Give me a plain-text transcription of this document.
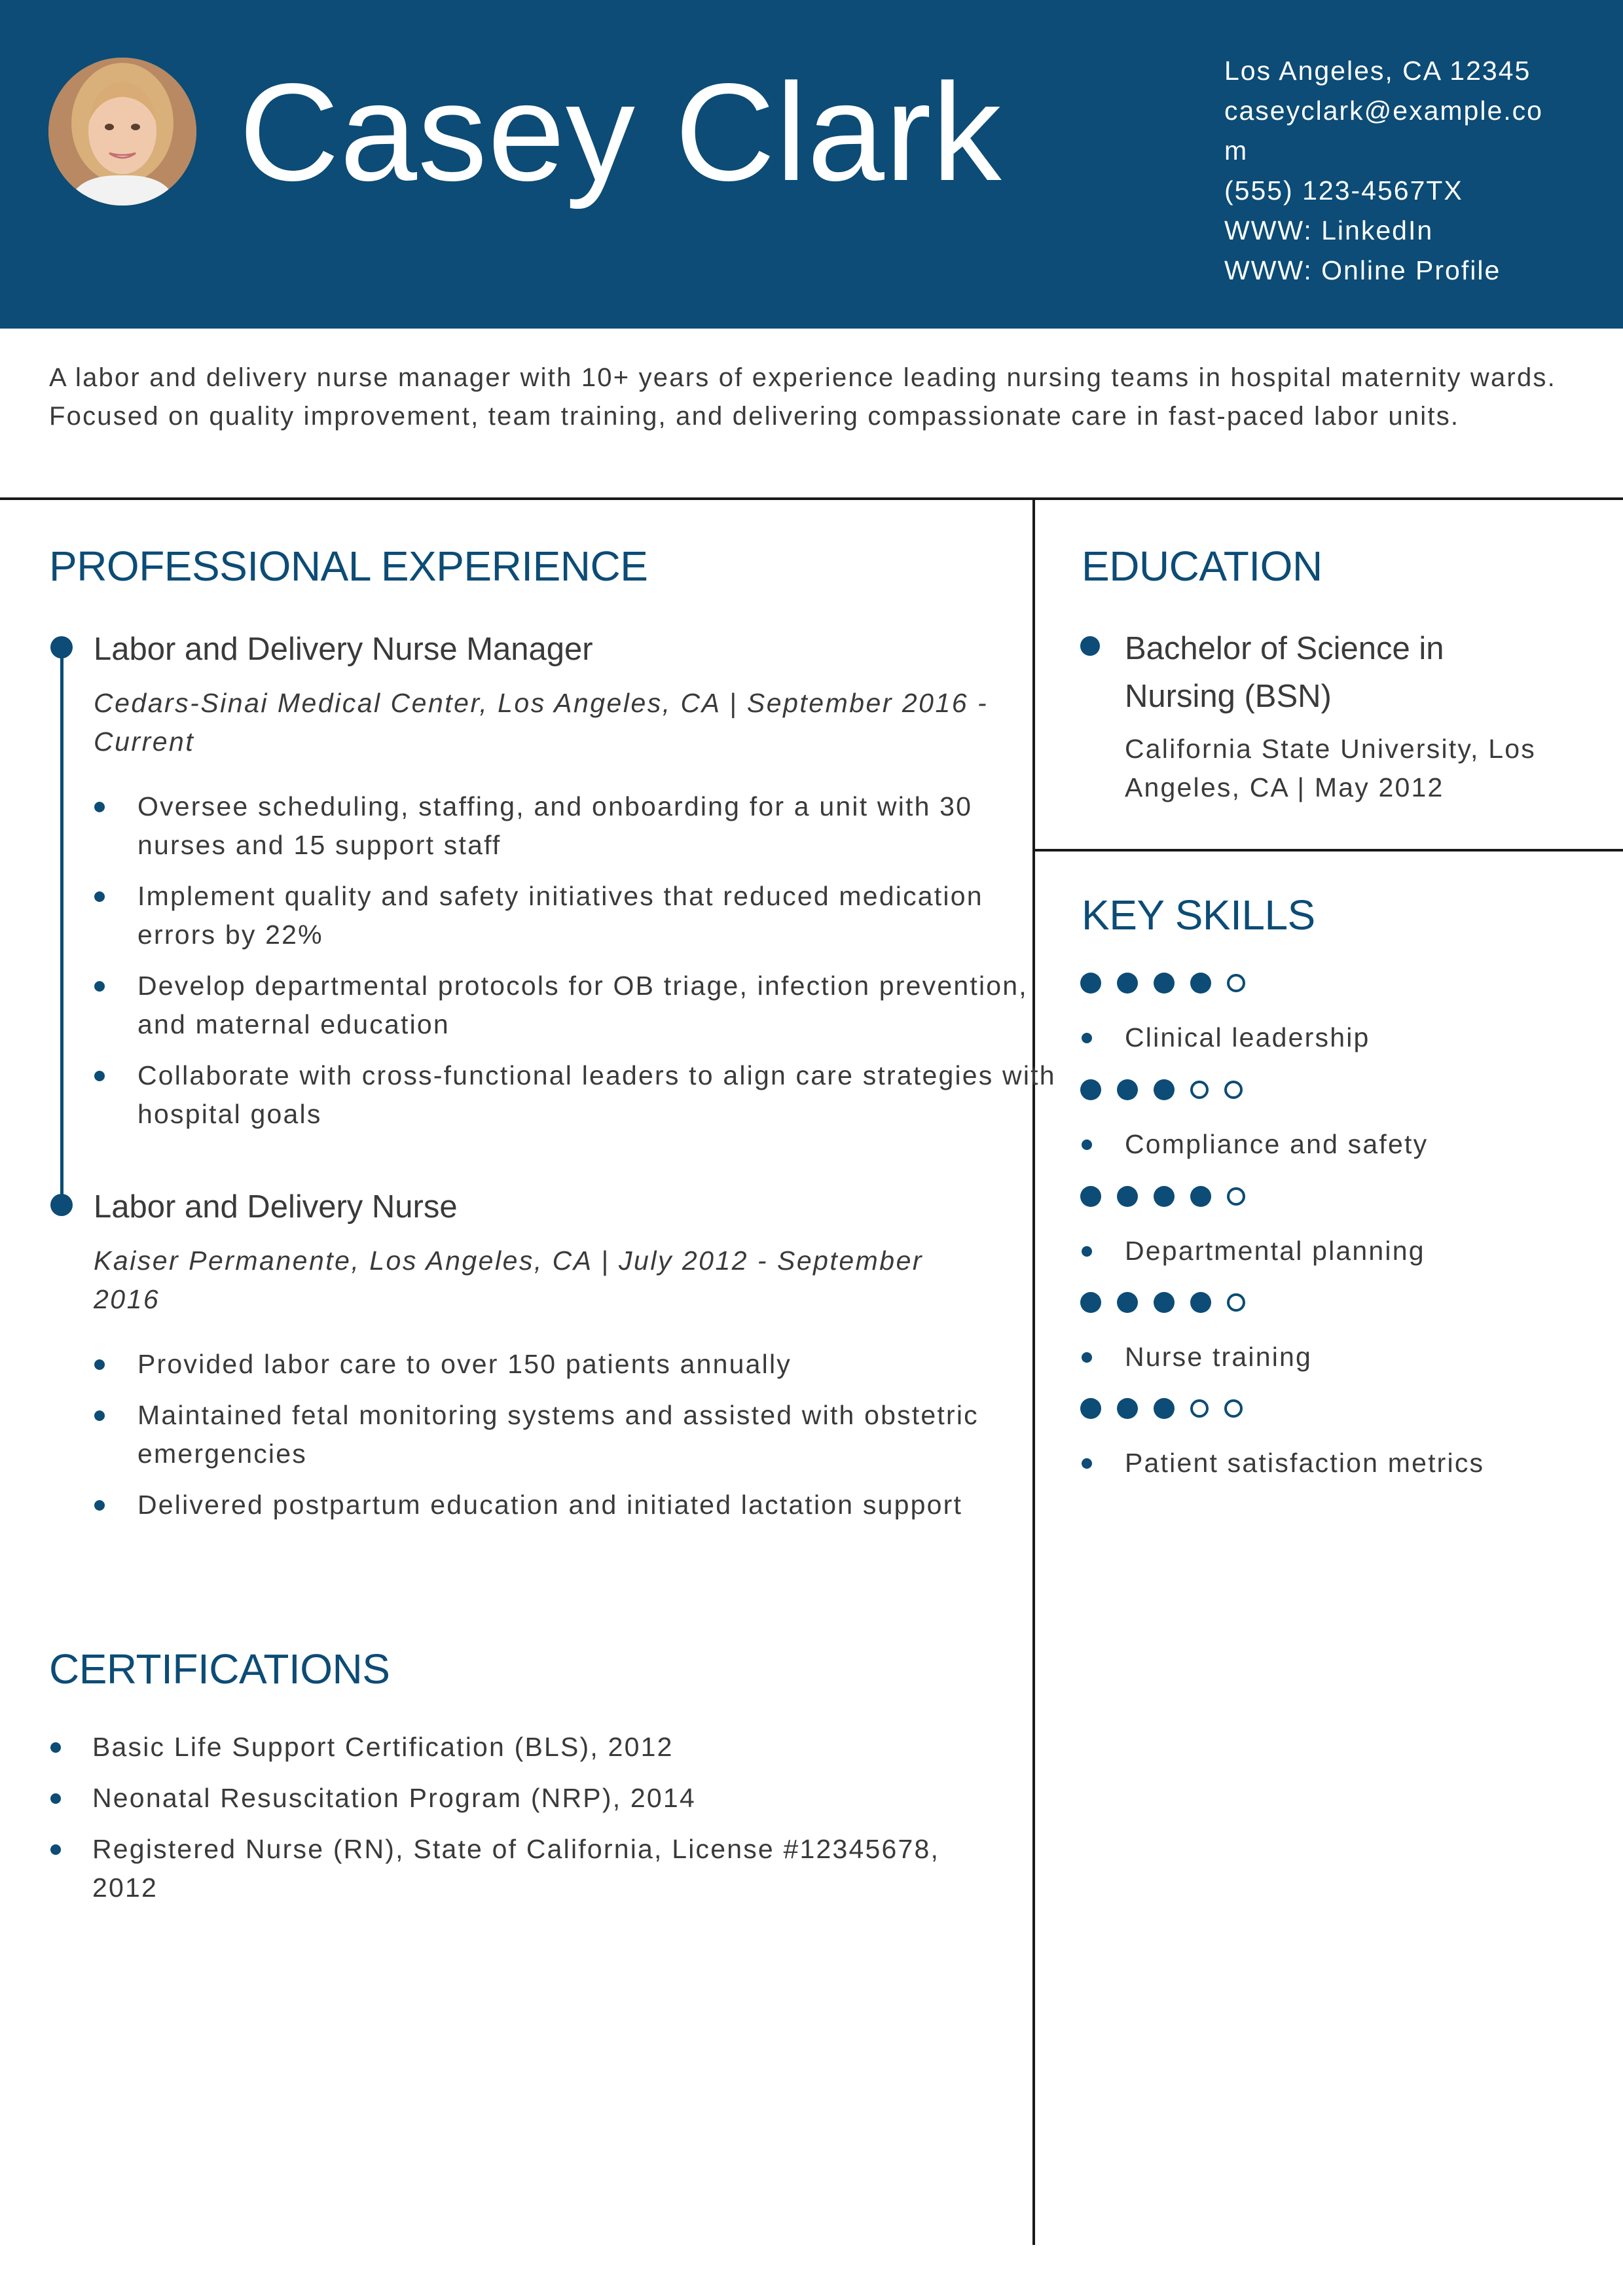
Casey Clark	Los Angeles, CA 12345
caseyclark@example.com
(555) 123-4567TX
WWW: LinkedIn
WWW: Online Profile
A labor and delivery nurse manager with 10+ years of experience leading nursing teams in hospital maternity wards. Focused on quality improvement, team training, and delivering compassionate care in fast-paced labor units.
PROFESSIONAL EXPERIENCE
Labor and Delivery Nurse Manager
Cedars-Sinai Medical Center, Los Angeles, CA | September 2016 - Current
Oversee scheduling, staffing, and onboarding for a unit with 30 nurses and 15 support staff
Implement quality and safety initiatives that reduced medication errors by 22%
Develop departmental protocols for OB triage, infection prevention, and maternal education
Collaborate with cross-functional leaders to align care strategies with hospital goals
Labor and Delivery Nurse
Kaiser Permanente, Los Angeles, CA | July 2012 - September 2016
Provided labor care to over 150 patients annually
Maintained fetal monitoring systems and assisted with obstetric emergencies
Delivered postpartum education and initiated lactation support
CERTIFICATIONS
Basic Life Support Certification (BLS), 2012
Neonatal Resuscitation Program (NRP), 2014
Registered Nurse (RN), State of California, License #12345678, 2012
EDUCATION
Bachelor of Science in Nursing (BSN)
California State University, Los Angeles, CA | May 2012
KEY SKILLS
Clinical leadership
Compliance and safety
Departmental planning
Nurse training
Patient satisfaction metrics
